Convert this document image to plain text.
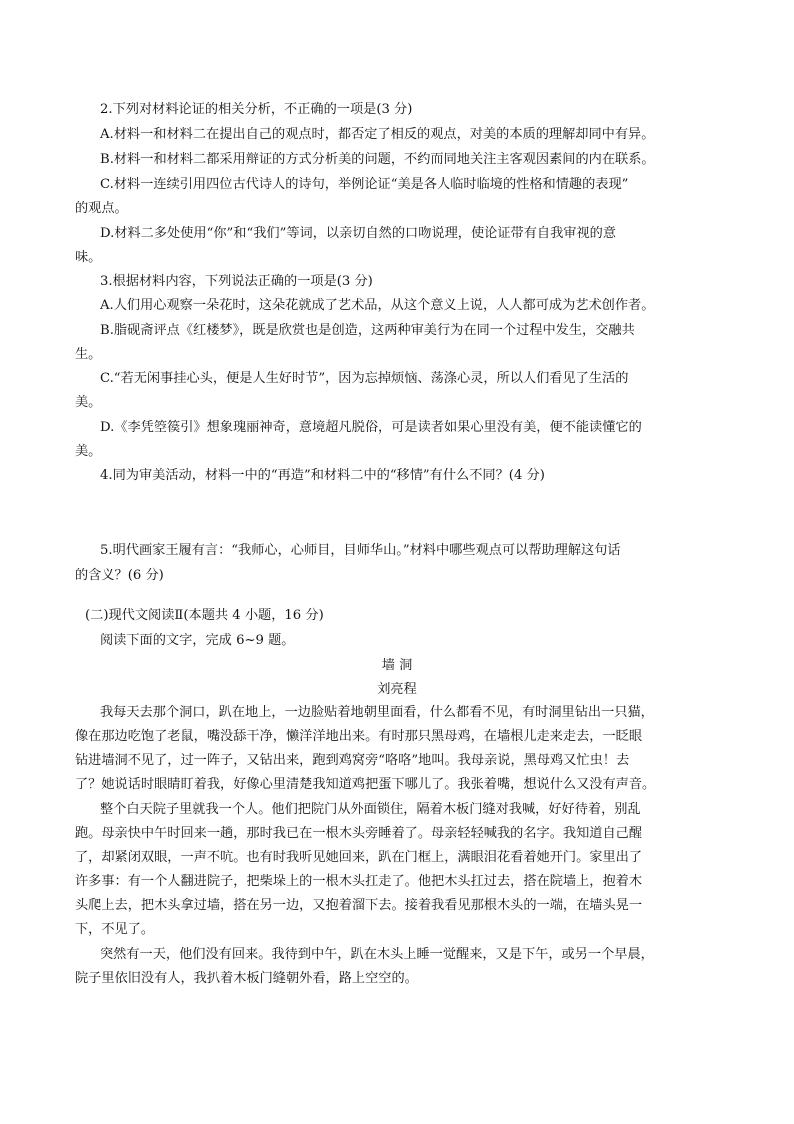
2.下列对材料论证的相关分析，不正确的一项是(3 分)
A.材料一和材料二在提出自己的观点时，都否定了相反的观点，对美的本质的理解却同中有异。
B.材料一和材料二都采用辩证的方式分析美的问题，不约而同地关注主客观因素间的内在联系。
C.材料一连续引用四位古代诗人的诗句，举例论证“美是各人临时临境的性格和情趣的表现”
的观点。
D.材料二多处使用“你”和“我们”等词，以亲切自然的口吻说理，使论证带有自我审视的意
味。
3.根据材料内容，下列说法正确的一项是(3 分)
A.人们用心观察一朵花时，这朵花就成了艺术品，从这个意义上说，人人都可成为艺术创作者。
B.脂砚斋评点《红楼梦》，既是欣赏也是创造，这两种审美行为在同一个过程中发生，交融共
生。
C.“若无闲事挂心头，便是人生好时节”，因为忘掉烦恼、荡涤心灵，所以人们看见了生活的
美。
D.《李凭箜篌引》想象瑰丽神奇，意境超凡脱俗，可是读者如果心里没有美，便不能读懂它的
美。
4.同为审美活动，材料一中的“再造”和材料二中的“移情”有什么不同？(4 分)
5.明代画家王履有言：“我师心，心师目，目师华山。”材料中哪些观点可以帮助理解这句话
的含义？(6 分)
(二)现代文阅读Ⅱ(本题共 4 小题，16 分)
阅读下面的文字，完成 6~9 题。
墙 洞
刘亮程
我每天去那个洞口，趴在地上，一边脸贴着地朝里面看，什么都看不见，有时洞里钻出一只猫，
像在那边吃饱了老鼠，嘴没舔干净，懒洋洋地出来。有时那只黑母鸡，在墙根儿走来走去，一眨眼
钻进墙洞不见了，过一阵子，又钻出来，跑到鸡窝旁“咯咯”地叫。我母亲说，黑母鸡又忙虫！去
了？她说话时眼睛盯着我，好像心里清楚我知道鸡把蛋下哪儿了。我张着嘴，想说什么又没有声音。
整个白天院子里就我一个人。他们把院门从外面锁住，隔着木板门缝对我喊，好好待着，别乱
跑。母亲快中午时回来一趟，那时我已在一根木头旁睡着了。母亲轻轻喊我的名字。我知道自己醒
了，却紧闭双眼，一声不吭。也有时我听见她回来，趴在门框上，满眼泪花看着她开门。家里出了
许多事：有一个人翻进院子，把柴垛上的一根木头扛走了。他把木头扛过去，搭在院墙上，抱着木
头爬上去，把木头拿过墙，搭在另一边，又抱着溜下去。接着我看见那根木头的一端，在墙头晃一
下，不见了。
突然有一天，他们没有回来。我待到中午，趴在木头上睡一觉醒来，又是下午，或另一个早晨，
院子里依旧没有人，我扒着木板门缝朝外看，路上空空的。
